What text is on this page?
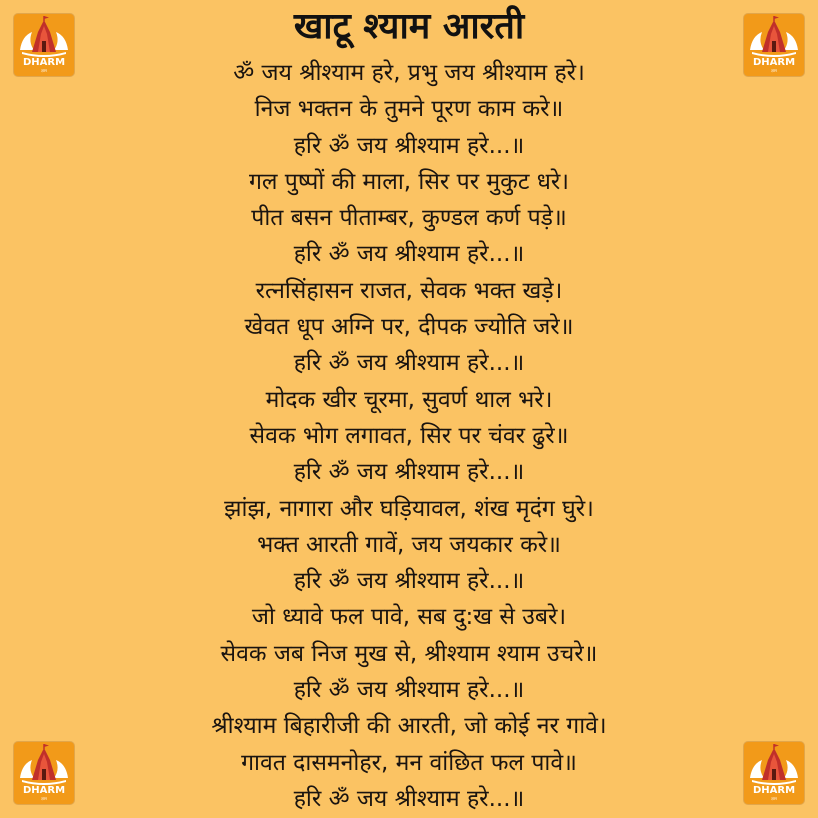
खाटू श्याम आरती
ॐ जय श्रीश्याम हरे, प्रभु जय श्रीश्याम हरे।
निज भक्तन के तुमने पूरण काम करे॥
हरि ॐ जय श्रीश्याम हरे...॥
गल पुष्पों की माला, सिर पर मुकुट धरे।
पीत बसन पीताम्बर, कुण्डल कर्ण पड़े॥
हरि ॐ जय श्रीश्याम हरे...॥
रत्नसिंहासन राजत, सेवक भक्त खड़े।
खेवत धूप अग्नि पर, दीपक ज्योति जरे॥
हरि ॐ जय श्रीश्याम हरे...॥
मोदक खीर चूरमा, सुवर्ण थाल भरे।
सेवक भोग लगावत, सिर पर चंवर ढुरे॥
हरि ॐ जय श्रीश्याम हरे...॥
झांझ, नागारा और घड़ियावल, शंख मृदंग घुरे।
भक्त आरती गावें, जय जयकार करे॥
हरि ॐ जय श्रीश्याम हरे...॥
जो ध्यावे फल पावे, सब दु:ख से उबरे।
सेवक जब निज मुख से, श्रीश्याम श्याम उचरे॥
हरि ॐ जय श्रीश्याम हरे...॥
श्रीश्याम बिहारीजी की आरती, जो कोई नर गावे।
गावत दासमनोहर, मन वांछित फल पावे॥
हरि ॐ जय श्रीश्याम हरे...॥
DHARM
ज्ञान
DHARM
ज्ञान
DHARM
ज्ञान
DHARM
ज्ञान
